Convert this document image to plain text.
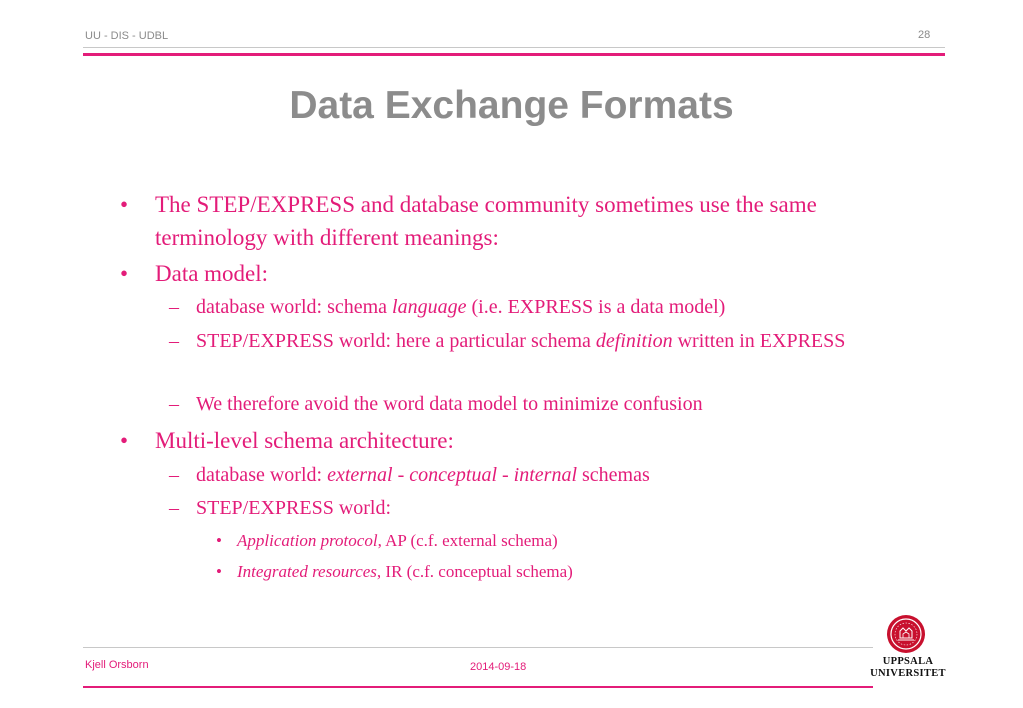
UU - DIS - UDBL	28
Data Exchange Formats
• The STEP/EXPRESS and database community sometimes use the same terminology with different meanings:
• Data model:
– database world: schema language (i.e. EXPRESS is a data model)
– STEP/EXPRESS world: here a particular schema definition written in EXPRESS
– We therefore avoid the word data model to minimize confusion
• Multi-level schema architecture:
– database world: external - conceptual - internal schemas
– STEP/EXPRESS world:
• Application protocol, AP (c.f. external schema)
• Integrated resources, IR (c.f. conceptual schema)
Kjell Orsborn	2014-09-18	UPPSALA
UNIVERSITET
